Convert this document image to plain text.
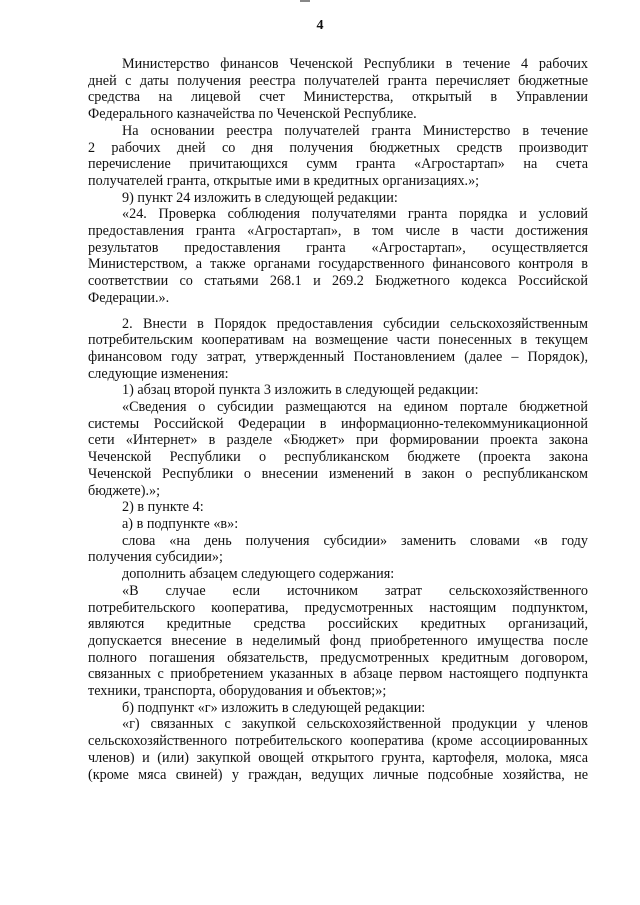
4
Министерство финансов Чеченской Республики в течение 4 рабочих
дней с даты получения реестра получателей гранта перечисляет бюджетные
средства на лицевой счет Министерства, открытый в Управлении
Федерального казначейства по Чеченской Республике.
На основании реестра получателей гранта Министерство в течение
2 рабочих дней со дня получения бюджетных средств производит
перечисление причитающихся сумм гранта «Агростартап» на счета
получателей гранта, открытые ими в кредитных организациях.»;
9) пункт 24 изложить в следующей редакции:
«24. Проверка соблюдения получателями гранта порядка и условий
предоставления гранта «Агростартап», в том числе в части достижения
результатов предоставления гранта «Агростартап», осуществляется
Министерством, а также органами государственного финансового контроля в
соответствии со статьями 268.1 и 269.2 Бюджетного кодекса Российской
Федерации.».
2. Внести в Порядок предоставления субсидии сельскохозяйственным
потребительским кооперативам на возмещение части понесенных в текущем
финансовом году затрат, утвержденный Постановлением (далее – Порядок),
следующие изменения:
1) абзац второй пункта 3 изложить в следующей редакции:
«Сведения о субсидии размещаются на едином портале бюджетной
системы Российской Федерации в информационно-телекоммуникационной
сети «Интернет» в разделе «Бюджет» при формировании проекта закона
Чеченской Республики о республиканском бюджете (проекта закона
Чеченской Республики о внесении изменений в закон о республиканском
бюджете).»;
2) в пункте 4:
а) в подпункте «в»:
слова «на день получения субсидии» заменить словами «в году
получения субсидии»;
дополнить абзацем следующего содержания:
«В случае если источником затрат сельскохозяйственного
потребительского кооператива, предусмотренных настоящим подпунктом,
являются кредитные средства российских кредитных организаций,
допускается внесение в неделимый фонд приобретенного имущества после
полного погашения обязательств, предусмотренных кредитным договором,
связанных с приобретением указанных в абзаце первом настоящего подпункта
техники, транспорта, оборудования и объектов;»;
б) подпункт «г» изложить в следующей редакции:
«г) связанных с закупкой сельскохозяйственной продукции у членов
сельскохозяйственного потребительского кооператива (кроме ассоциированных
членов) и (или) закупкой овощей открытого грунта, картофеля, молока, мяса
(кроме мяса свиней) у граждан, ведущих личные подсобные хозяйства, не
